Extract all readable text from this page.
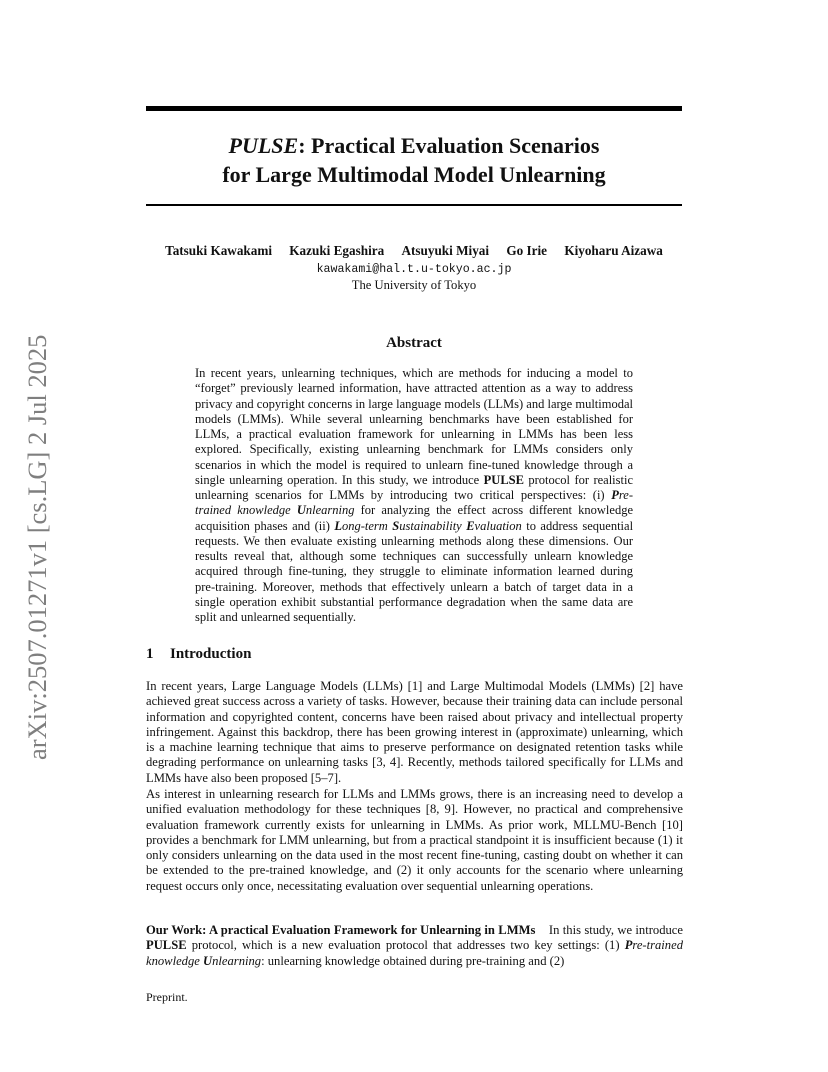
arXiv:2507.01271v1 [cs.LG] 2 Jul 2025
PULSE: Practical Evaluation Scenarios
for Large Multimodal Model Unlearning
Tatsuki Kawakami Kazuki Egashira Atsuyuki Miyai Go Irie Kiyoharu Aizawa
kawakami@hal.t.u-tokyo.ac.jp
The University of Tokyo
Abstract
In recent years, unlearning techniques, which are methods for inducing a model to “forget” previously learned information, have attracted attention as a way to address privacy and copyright concerns in large language models (LLMs) and large multimodal models (LMMs). While several unlearning benchmarks have been established for LLMs, a practical evaluation framework for unlearning in LMMs has been less explored. Specifically, existing unlearning benchmark for LMMs considers only scenarios in which the model is required to unlearn fine-tuned knowledge through a single unlearning operation. In this study, we introduce PULSE protocol for realistic unlearning scenarios for LMMs by introducing two critical perspectives: (i) Pre-trained knowledge Unlearning for analyzing the effect across different knowledge acquisition phases and (ii) Long-term Sustainability Evaluation to address sequential requests. We then evaluate existing unlearning methods along these dimensions. Our results reveal that, although some techniques can successfully unlearn knowledge acquired through fine-tuning, they struggle to eliminate information learned during pre-training. Moreover, methods that effectively unlearn a batch of target data in a single operation exhibit substantial performance degradation when the same data are split and unlearned sequentially.
1 Introduction
In recent years, Large Language Models (LLMs) [1] and Large Multimodal Models (LMMs) [2] have achieved great success across a variety of tasks. However, because their training data can include personal information and copyrighted content, concerns have been raised about privacy and intellectual property infringement. Against this backdrop, there has been growing interest in (approximate) unlearning, which is a machine learning technique that aims to preserve performance on designated retention tasks while degrading performance on unlearning tasks [3, 4]. Recently, methods tailored specifically for LLMs and LMMs have also been proposed [5–7].
As interest in unlearning research for LLMs and LMMs grows, there is an increasing need to develop a unified evaluation methodology for these techniques [8, 9]. However, no practical and comprehensive evaluation framework currently exists for unlearning in LMMs. As prior work, MLLMU-Bench [10] provides a benchmark for LMM unlearning, but from a practical standpoint it is insufficient because (1) it only considers unlearning on the data used in the most recent fine-tuning, casting doubt on whether it can be extended to the pre-trained knowledge, and (2) it only accounts for the scenario where unlearning request occurs only once, necessitating evaluation over sequential unlearning operations.
Our Work: A practical Evaluation Framework for Unlearning in LMMs In this study, we introduce PULSE protocol, which is a new evaluation protocol that addresses two key settings: (1) Pre-trained knowledge Unlearning: unlearning knowledge obtained during pre-training and (2)
Preprint.
